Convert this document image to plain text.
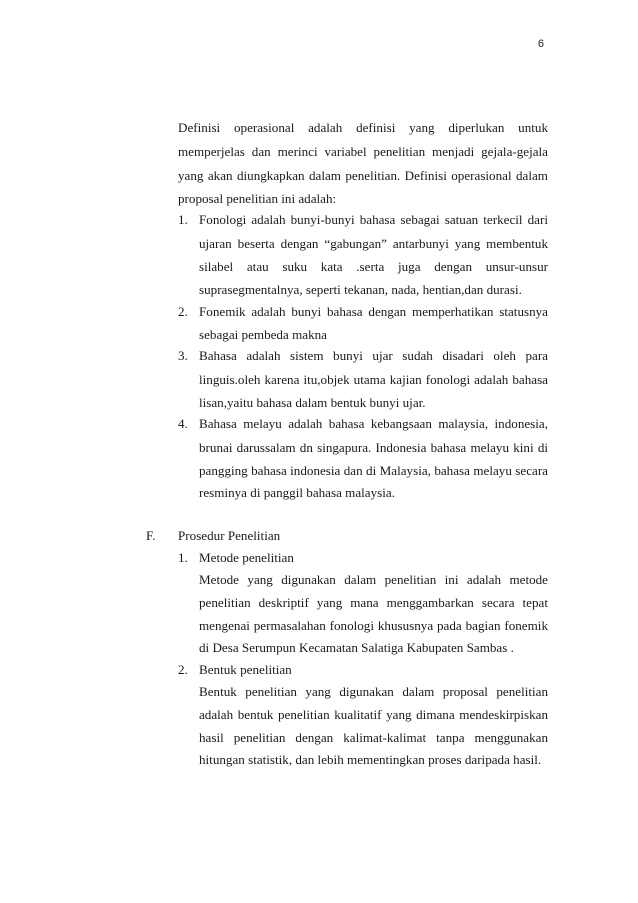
6
Definisi operasional adalah definisi yang diperlukan untuk
memperjelas dan merinci variabel penelitian menjadi gejala-gejala
yang akan diungkapkan dalam penelitian. Definisi operasional dalam
proposal penelitian ini adalah:
1. Fonologi adalah bunyi-bunyi bahasa sebagai satuan terkecil dari
ujaran beserta dengan “gabungan” antarbunyi yang membentuk
silabel atau suku kata .serta juga dengan unsur-unsur
suprasegmentalnya, seperti tekanan, nada, hentian,dan durasi.
2. Fonemik adalah bunyi bahasa dengan memperhatikan statusnya
sebagai pembeda makna
3. Bahasa adalah sistem bunyi ujar sudah disadari oleh para
linguis.oleh karena itu,objek utama kajian fonologi adalah bahasa
lisan,yaitu bahasa dalam bentuk bunyi ujar.
4. Bahasa melayu adalah bahasa kebangsaan malaysia, indonesia,
brunai darussalam dn singapura. Indonesia bahasa melayu kini di
pangging bahasa indonesia dan di Malaysia, bahasa melayu secara
resminya di panggil bahasa malaysia.
F. Prosedur Penelitian
1. Metode penelitian
Metode yang digunakan dalam penelitian ini adalah metode
penelitian deskriptif yang mana menggambarkan secara tepat
mengenai permasalahan fonologi khususnya pada bagian fonemik
di Desa Serumpun Kecamatan Salatiga Kabupaten Sambas .
2. Bentuk penelitian
Bentuk penelitian yang digunakan dalam proposal penelitian
adalah bentuk penelitian kualitatif yang dimana mendeskirpiskan
hasil penelitian dengan kalimat-kalimat tanpa menggunakan
hitungan statistik, dan lebih mementingkan proses daripada hasil.
